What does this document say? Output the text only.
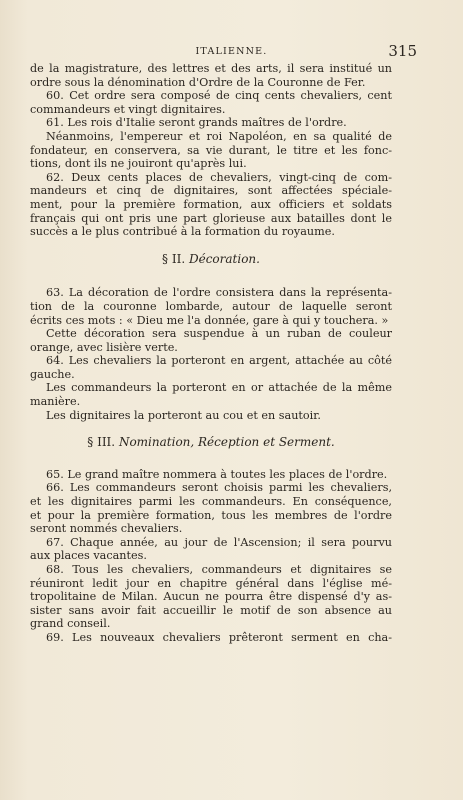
ITALIENNE.	315
de la magistrature, des lettres et des arts, il sera institué un
ordre sous la dénomination d'Ordre de la Couronne de Fer.
60. Cet ordre sera composé de cinq cents chevaliers, cent
commandeurs et vingt dignitaires.
61. Les rois d'Italie seront grands maîtres de l'ordre.
Néanmoins, l'empereur et roi Napoléon, en sa qualité de
fondateur, en conservera, sa vie durant, le titre et les fonc-
tions, dont ils ne jouiront qu'après lui.
62. Deux cents places de chevaliers, vingt-cinq de com-
mandeurs et cinq de dignitaires, sont affectées spéciale-
ment, pour la première formation, aux officiers et soldats
français qui ont pris une part glorieuse aux batailles dont le
succès a le plus contribué à la formation du royaume.
§ II. Décoration.
63. La décoration de l'ordre consistera dans la représenta-
tion de la couronne lombarde, autour de laquelle seront
écrits ces mots : « Dieu me l'a donnée, gare à qui y touchera. »
Cette décoration sera suspendue à un ruban de couleur
orange, avec lisière verte.
64. Les chevaliers la porteront en argent, attachée au côté
gauche.
Les commandeurs la porteront en or attachée de la même
manière.
Les dignitaires la porteront au cou et en sautoir.
§ III. Nomination, Réception et Serment.
65. Le grand maître nommera à toutes les places de l'ordre.
66. Les commandeurs seront choisis parmi les chevaliers,
et les dignitaires parmi les commandeurs. En conséquence,
et pour la première formation, tous les membres de l'ordre
seront nommés chevaliers.
67. Chaque année, au jour de l'Ascension; il sera pourvu
aux places vacantes.
68. Tous les chevaliers, commandeurs et dignitaires se
réuniront ledit jour en chapitre général dans l'église mé-
tropolitaine de Milan. Aucun ne pourra être dispensé d'y as-
sister sans avoir fait accueillir le motif de son absence au
grand conseil.
69. Les nouveaux chevaliers prêteront serment en cha-
